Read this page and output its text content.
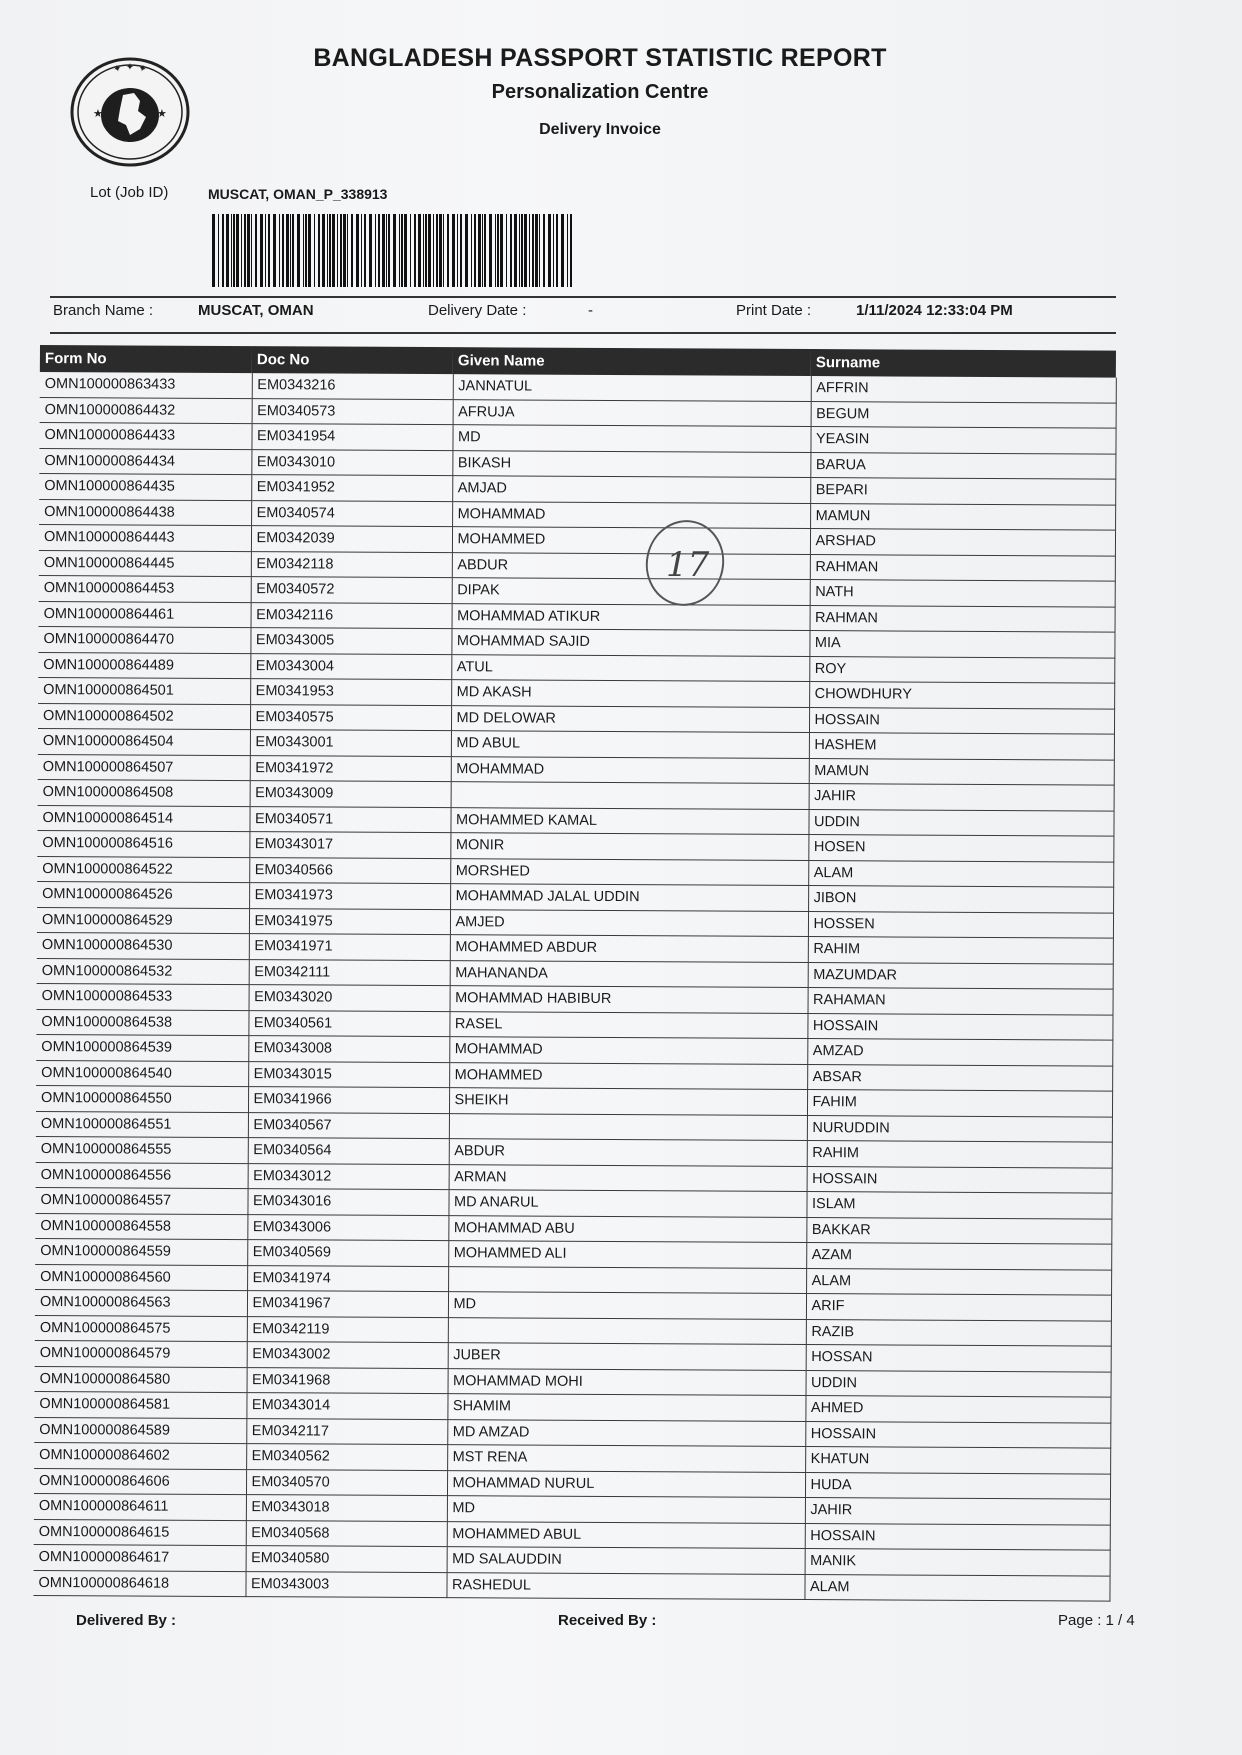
✦ ✦ ✦
★	★
BANGLADESH PASSPORT STATISTIC REPORT
Personalization Centre
Delivery Invoice
Lot (Job ID)	MUSCAT, OMAN_P_338913
Branch Name :	MUSCAT, OMAN	Delivery Date :	-	Print Date :	1/11/2024 12:33:04 PM
Form No	Doc No	Given Name	Surname
OMN100000863433	EM0343216	JANNATUL	AFFRIN
OMN100000864432	EM0340573	AFRUJA	BEGUM
OMN100000864433	EM0341954	MD	YEASIN
OMN100000864434	EM0343010	BIKASH	BARUA
OMN100000864435	EM0341952	AMJAD	BEPARI
OMN100000864438	EM0340574	MOHAMMAD	MAMUN
OMN100000864443	EM0342039	MOHAMMED	ARSHAD
OMN100000864445	EM0342118	ABDUR	RAHMAN
OMN100000864453	EM0340572	DIPAK	NATH
OMN100000864461	EM0342116	MOHAMMAD ATIKUR	RAHMAN
OMN100000864470	EM0343005	MOHAMMAD SAJID	MIA
OMN100000864489	EM0343004	ATUL	ROY
OMN100000864501	EM0341953	MD AKASH	CHOWDHURY
OMN100000864502	EM0340575	MD DELOWAR	HOSSAIN
OMN100000864504	EM0343001	MD ABUL	HASHEM
OMN100000864507	EM0341972	MOHAMMAD	MAMUN
OMN100000864508	EM0343009		JAHIR
OMN100000864514	EM0340571	MOHAMMED KAMAL	UDDIN
OMN100000864516	EM0343017	MONIR	HOSEN
OMN100000864522	EM0340566	MORSHED	ALAM
OMN100000864526	EM0341973	MOHAMMAD JALAL UDDIN	JIBON
OMN100000864529	EM0341975	AMJED	HOSSEN
OMN100000864530	EM0341971	MOHAMMED ABDUR	RAHIM
OMN100000864532	EM0342111	MAHANANDA	MAZUMDAR
OMN100000864533	EM0343020	MOHAMMAD HABIBUR	RAHAMAN
OMN100000864538	EM0340561	RASEL	HOSSAIN
OMN100000864539	EM0343008	MOHAMMAD	AMZAD
OMN100000864540	EM0343015	MOHAMMED	ABSAR
OMN100000864550	EM0341966	SHEIKH	FAHIM
OMN100000864551	EM0340567		NURUDDIN
OMN100000864555	EM0340564	ABDUR	RAHIM
OMN100000864556	EM0343012	ARMAN	HOSSAIN
OMN100000864557	EM0343016	MD ANARUL	ISLAM
OMN100000864558	EM0343006	MOHAMMAD ABU	BAKKAR
OMN100000864559	EM0340569	MOHAMMED ALI	AZAM
OMN100000864560	EM0341974		ALAM
OMN100000864563	EM0341967	MD	ARIF
OMN100000864575	EM0342119		RAZIB
OMN100000864579	EM0343002	JUBER	HOSSAN
OMN100000864580	EM0341968	MOHAMMAD MOHI	UDDIN
OMN100000864581	EM0343014	SHAMIM	AHMED
OMN100000864589	EM0342117	MD AMZAD	HOSSAIN
OMN100000864602	EM0340562	MST RENA	KHATUN
OMN100000864606	EM0340570	MOHAMMAD NURUL	HUDA
OMN100000864611	EM0343018	MD	JAHIR
OMN100000864615	EM0340568	MOHAMMED ABUL	HOSSAIN
OMN100000864617	EM0340580	MD SALAUDDIN	MANIK
OMN100000864618	EM0343003	RASHEDUL	ALAM
17
Delivered By :	Received By :	Page : 1 / 4
